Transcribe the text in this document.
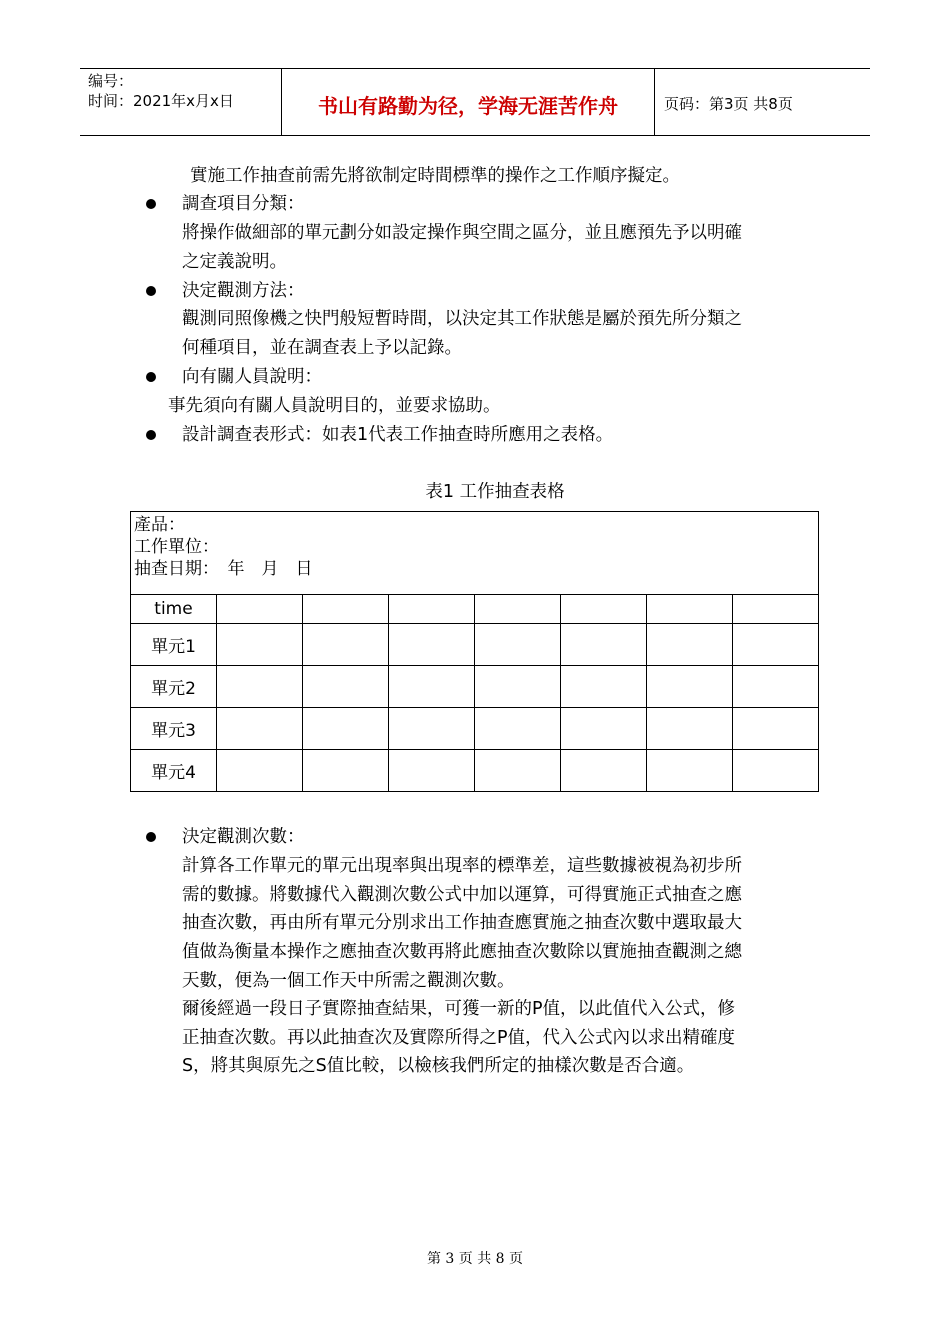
编号：
时间：2021年x月x日	书山有路勤为径，学海无涯苦作舟	页码：第3页 共8页
實施工作抽查前需先將欲制定時間標準的操作之工作順序擬定。
調查項目分類：
將操作做細部的單元劃分如設定操作與空間之區分，並且應預先予以明確
之定義說明。
決定觀測方法：
觀測同照像機之快門般短暫時間，以決定其工作狀態是屬於預先所分類之
何種項目，並在調查表上予以記錄。
向有關人員說明：
事先須向有關人員說明目的，並要求協助。
設計調查表形式：如表1代表工作抽查時所應用之表格。
表1 工作抽查表格
產品：
工作單位：
抽查日期：　年　月　日							

time							
單元1							
單元2							
單元3							
單元4							
決定觀測次數：
計算各工作單元的單元出現率與出現率的標準差，這些數據被視為初步所
需的數據。將數據代入觀測次數公式中加以運算，可得實施正式抽查之應
抽查次數，再由所有單元分別求出工作抽查應實施之抽查次數中選取最大
值做為衡量本操作之應抽查次數再將此應抽查次數除以實施抽查觀測之總
天數，便為一個工作天中所需之觀測次數。
爾後經過一段日子實際抽查結果，可獲一新的P值，以此值代入公式，修
正抽查次數。再以此抽查次及實際所得之P值，代入公式內以求出精確度
S，將其與原先之S值比較，以檢核我們所定的抽樣次數是否合適。
第 3 页 共 8 页
